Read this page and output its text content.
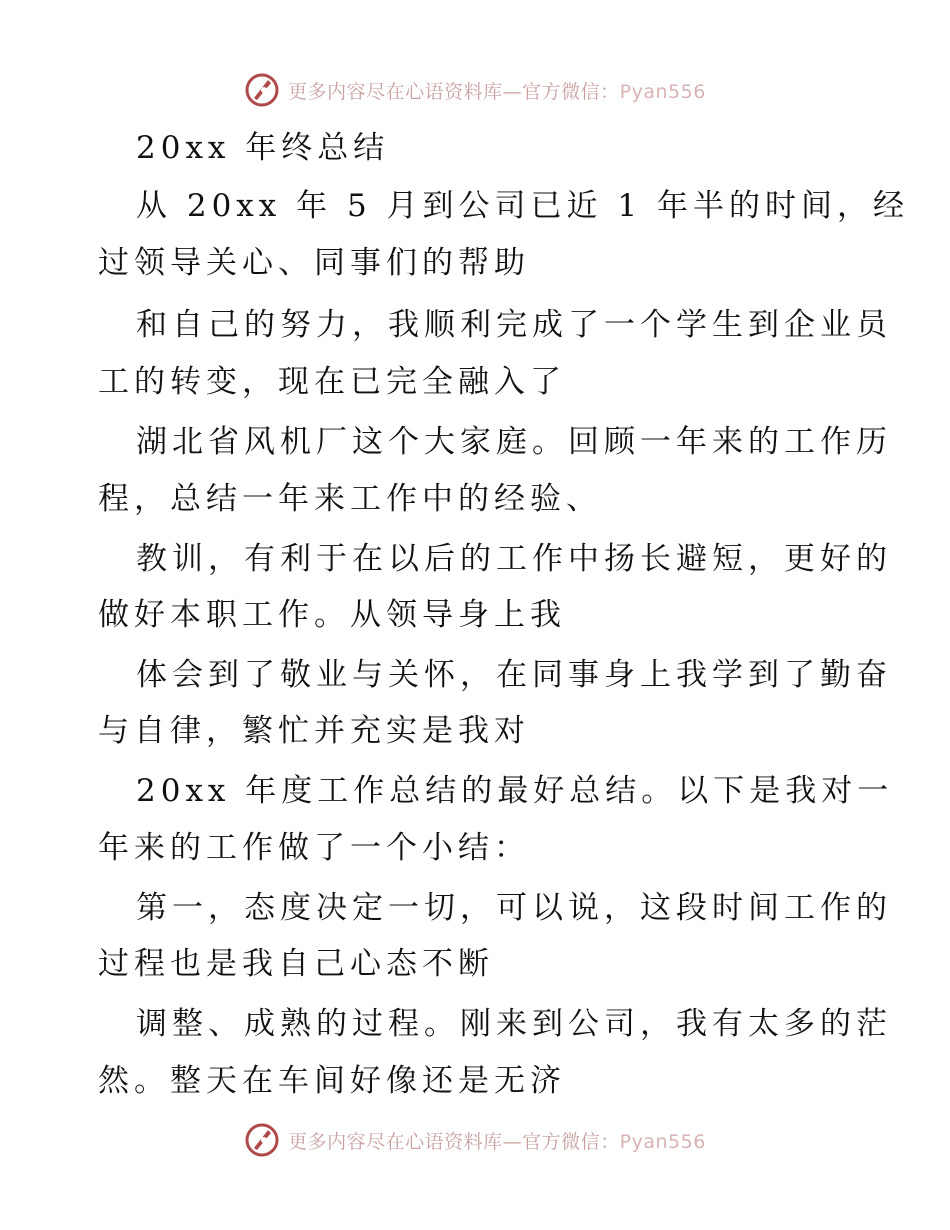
更多内容尽在心语资料库—官方微信：Pyan556
20xx 年终总结
从 20xx 年 5 月到公司已近 1 年半的时间，经
过领导关心、同事们的帮助
和自己的努力，我顺利完成了一个学生到企业员
工的转变，现在已完全融入了
湖北省风机厂这个大家庭。回顾一年来的工作历
程，总结一年来工作中的经验、
教训，有利于在以后的工作中扬长避短，更好的
做好本职工作。从领导身上我
体会到了敬业与关怀，在同事身上我学到了勤奋
与自律，繁忙并充实是我对
20xx 年度工作总结的最好总结。以下是我对一
年来的工作做了一个小结：
第一，态度决定一切，可以说，这段时间工作的
过程也是我自己心态不断
调整、成熟的过程。刚来到公司，我有太多的茫
然。整天在车间好像还是无济
更多内容尽在心语资料库—官方微信：Pyan556
